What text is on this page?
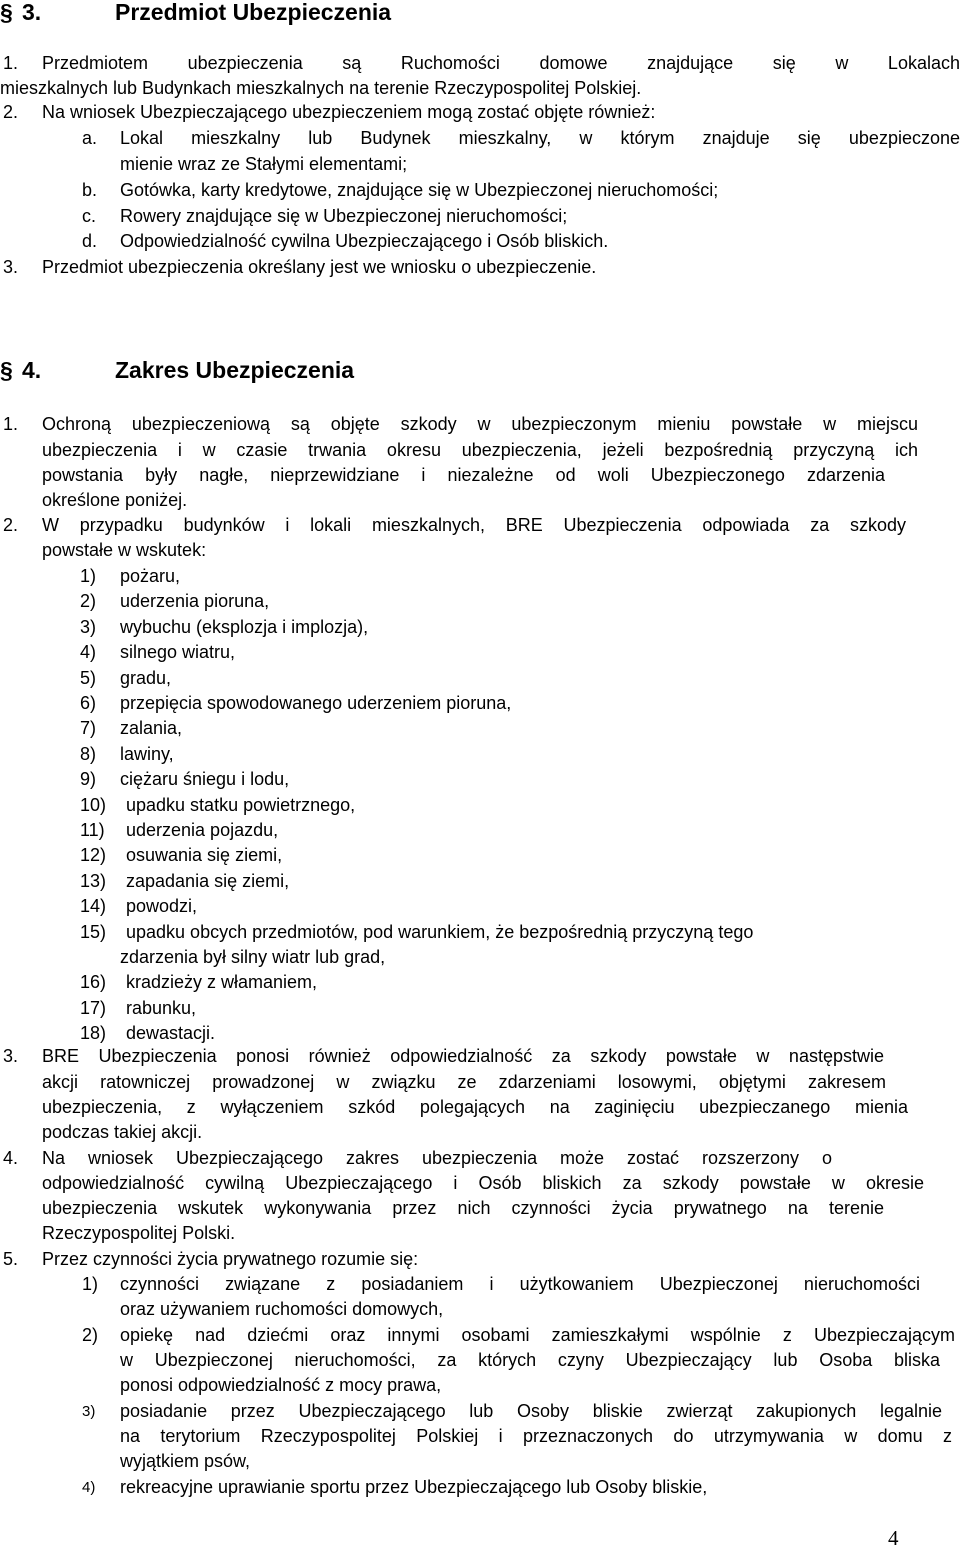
§ 3.	Przedmiot Ubezpieczenia
1. Przedmiotem ubezpieczenia są Ruchomości domowe znajdujące się w Lokalach
mieszkalnych lub Budynkach mieszkalnych na terenie Rzeczypospolitej Polskiej.
2. Na wniosek Ubezpieczającego ubezpieczeniem mogą zostać objęte również:
a. Lokal mieszkalny lub Budynek mieszkalny, w którym znajduje się ubezpieczone
mienie wraz ze Stałymi elementami;
b. Gotówka, karty kredytowe, znajdujące się w Ubezpieczonej nieruchomości;
c. Rowery znajdujące się w Ubezpieczonej nieruchomości;
d. Odpowiedzialność cywilna Ubezpieczającego i Osób bliskich.
3. Przedmiot ubezpieczenia określany jest we wniosku o ubezpieczenie.
§ 4.	Zakres Ubezpieczenia
1. Ochroną ubezpieczeniową są objęte szkody w ubezpieczonym mieniu powstałe w miejscu
ubezpieczenia i w czasie trwania okresu ubezpieczenia, jeżeli bezpośrednią przyczyną ich
powstania były nagłe, nieprzewidziane i niezależne od woli Ubezpieczonego zdarzenia
określone poniżej.
2. W przypadku budynków i lokali mieszkalnych, BRE Ubezpieczenia odpowiada za szkody
powstałe w wskutek:
1) pożaru,
2) uderzenia pioruna,
3) wybuchu (eksplozja i implozja),
4) silnego wiatru,
5) gradu,
6) przepięcia spowodowanego uderzeniem pioruna,
7) zalania,
8) lawiny,
9) ciężaru śniegu i lodu,
10) upadku statku powietrznego,
11) uderzenia pojazdu,
12) osuwania się ziemi,
13) zapadania się ziemi,
14) powodzi,
15) upadku obcych przedmiotów, pod warunkiem, że bezpośrednią przyczyną tego
zdarzenia był silny wiatr lub grad,
16) kradzieży z włamaniem,
17) rabunku,
18) dewastacji.
3. BRE Ubezpieczenia ponosi również odpowiedzialność za szkody powstałe w następstwie
akcji ratowniczej prowadzonej w związku ze zdarzeniami losowymi, objętymi zakresem
ubezpieczenia, z wyłączeniem szkód polegających na zaginięciu ubezpieczanego mienia
podczas takiej akcji.
4. Na wniosek Ubezpieczającego zakres ubezpieczenia może zostać rozszerzony o
odpowiedzialność cywilną Ubezpieczającego i Osób bliskich za szkody powstałe w okresie
ubezpieczenia wskutek wykonywania przez nich czynności życia prywatnego na terenie
Rzeczypospolitej Polski.
5. Przez czynności życia prywatnego rozumie się:
1) czynności związane z posiadaniem i użytkowaniem Ubezpieczonej nieruchomości
oraz używaniem ruchomości domowych,
2) opiekę nad dziećmi oraz innymi osobami zamieszkałymi wspólnie z Ubezpieczającym
w Ubezpieczonej nieruchomości, za których czyny Ubezpieczający lub Osoba bliska
ponosi odpowiedzialność z mocy prawa,
3) posiadanie przez Ubezpieczającego lub Osoby bliskie zwierząt zakupionych legalnie
na terytorium Rzeczypospolitej Polskiej i przeznaczonych do utrzymywania w domu z
wyjątkiem psów,
4) rekreacyjne uprawianie sportu przez Ubezpieczającego lub Osoby bliskie,
4
